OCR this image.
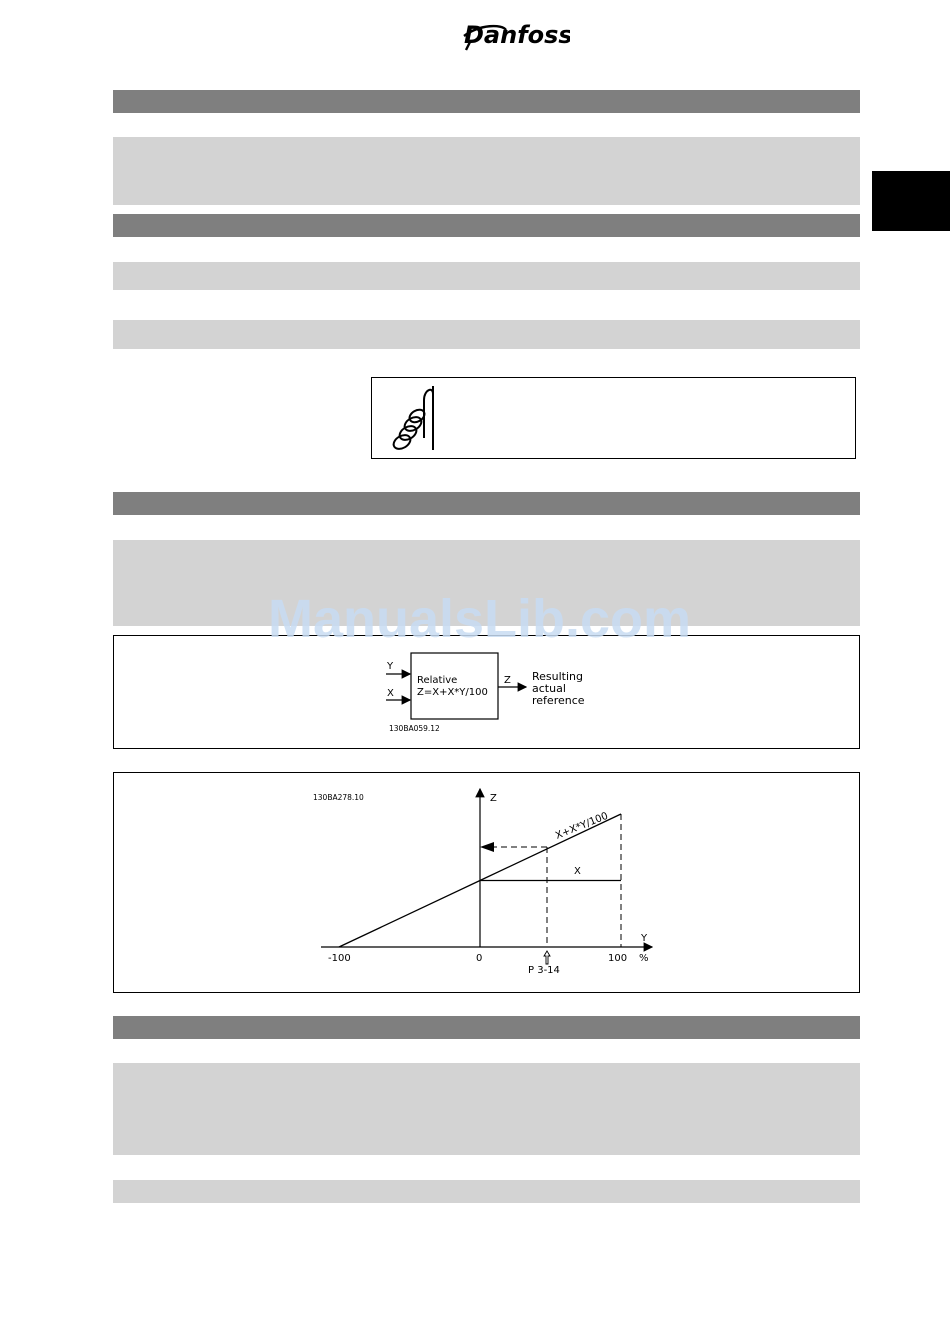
Danfoss
Y
X
Relative
Z=X+X*Y/100
Z Resulting
actual
reference
130BA059.12
Z
Y
130BA278.10
X+X*Y/100
X
-100	0	100 %
P 3-14
ManualsLib.com
